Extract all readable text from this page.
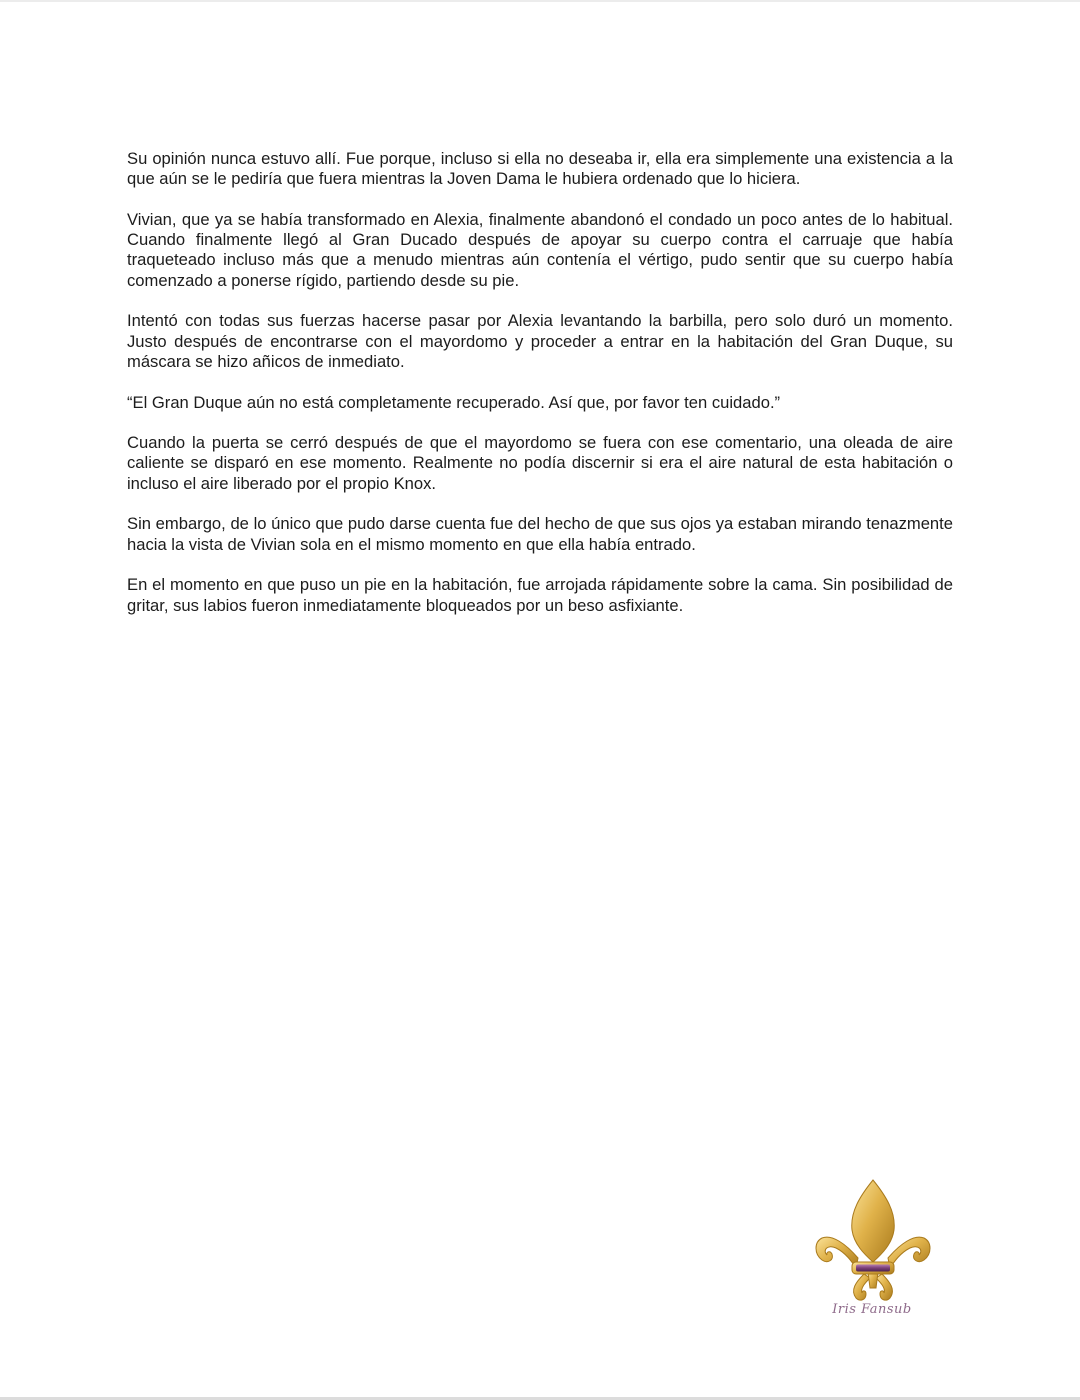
Su opinión nunca estuvo allí. Fue porque, incluso si ella no deseaba ir, ella era simplemente una existencia a la que aún se le pediría que fuera mientras la Joven Dama le hubiera ordenado que lo hiciera.

Vivian, que ya se había transformado en Alexia, finalmente abandonó el condado un poco antes de lo habitual. Cuando finalmente llegó al Gran Ducado después de apoyar su cuerpo contra el carruaje que había traqueteado incluso más que a menudo mientras aún contenía el vértigo, pudo sentir que su cuerpo había comenzado a ponerse rígido, partiendo desde su pie.

Intentó con todas sus fuerzas hacerse pasar por Alexia levantando la barbilla, pero solo duró un momento. Justo después de encontrarse con el mayordomo y proceder a entrar en la habitación del Gran Duque, su máscara se hizo añicos de inmediato.

“El Gran Duque aún no está completamente recuperado. Así que, por favor ten cuidado.”

Cuando la puerta se cerró después de que el mayordomo se fuera con ese comentario, una oleada de aire caliente se disparó en ese momento. Realmente no podía discernir si era el aire natural de esta habitación o incluso el aire liberado por el propio Knox.

Sin embargo, de lo único que pudo darse cuenta fue del hecho de que sus ojos ya estaban mirando tenazmente hacia la vista de Vivian sola en el mismo momento en que ella había entrado.

En el momento en que puso un pie en la habitación, fue arrojada rápidamente sobre la cama. Sin posibilidad de gritar, sus labios fueron inmediatamente bloqueados por un beso asfixiante.

Iris Fansub
